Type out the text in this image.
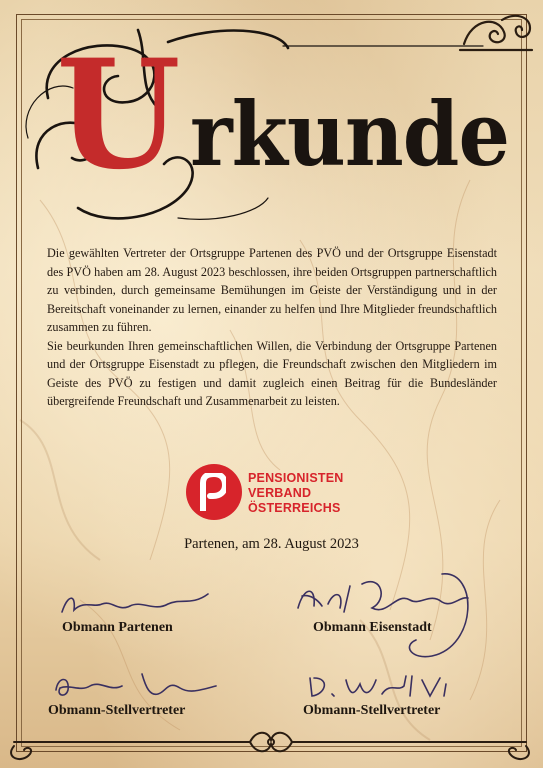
U rkunde

Die gewählten Vertreter der Ortsgruppe Partenen des PVÖ und der Ortsgruppe Eisenstadt des PVÖ haben am 28. August 2023 beschlossen, ihre beiden Ortsgruppen partnerschaftlich zu verbinden, durch gemeinsame Bemühungen im Geiste der Verständigung und in der Bereitschaft voneinander zu lernen, einander zu helfen und Ihre Mitglieder freundschaftlich zusammen zu führen.

Sie beurkunden Ihren gemeinschaftlichen Willen, die Verbindung der Ortsgruppe Partenen und der Ortsgruppe Eisenstadt zu pflegen, die Freundschaft zwischen den Mitgliedern im Geiste des PVÖ zu festigen und damit zugleich einen Beitrag für die Bundesländer übergreifende Freundschaft und Zusammenarbeit zu leisten.

PENSIONISTEN
VERBAND
ÖSTERREICHS
Partenen, am 28. August 2023
Obmann Partenen	Obmann Eisenstadt
Obmann-Stellvertreter	Obmann-Stellvertreter
